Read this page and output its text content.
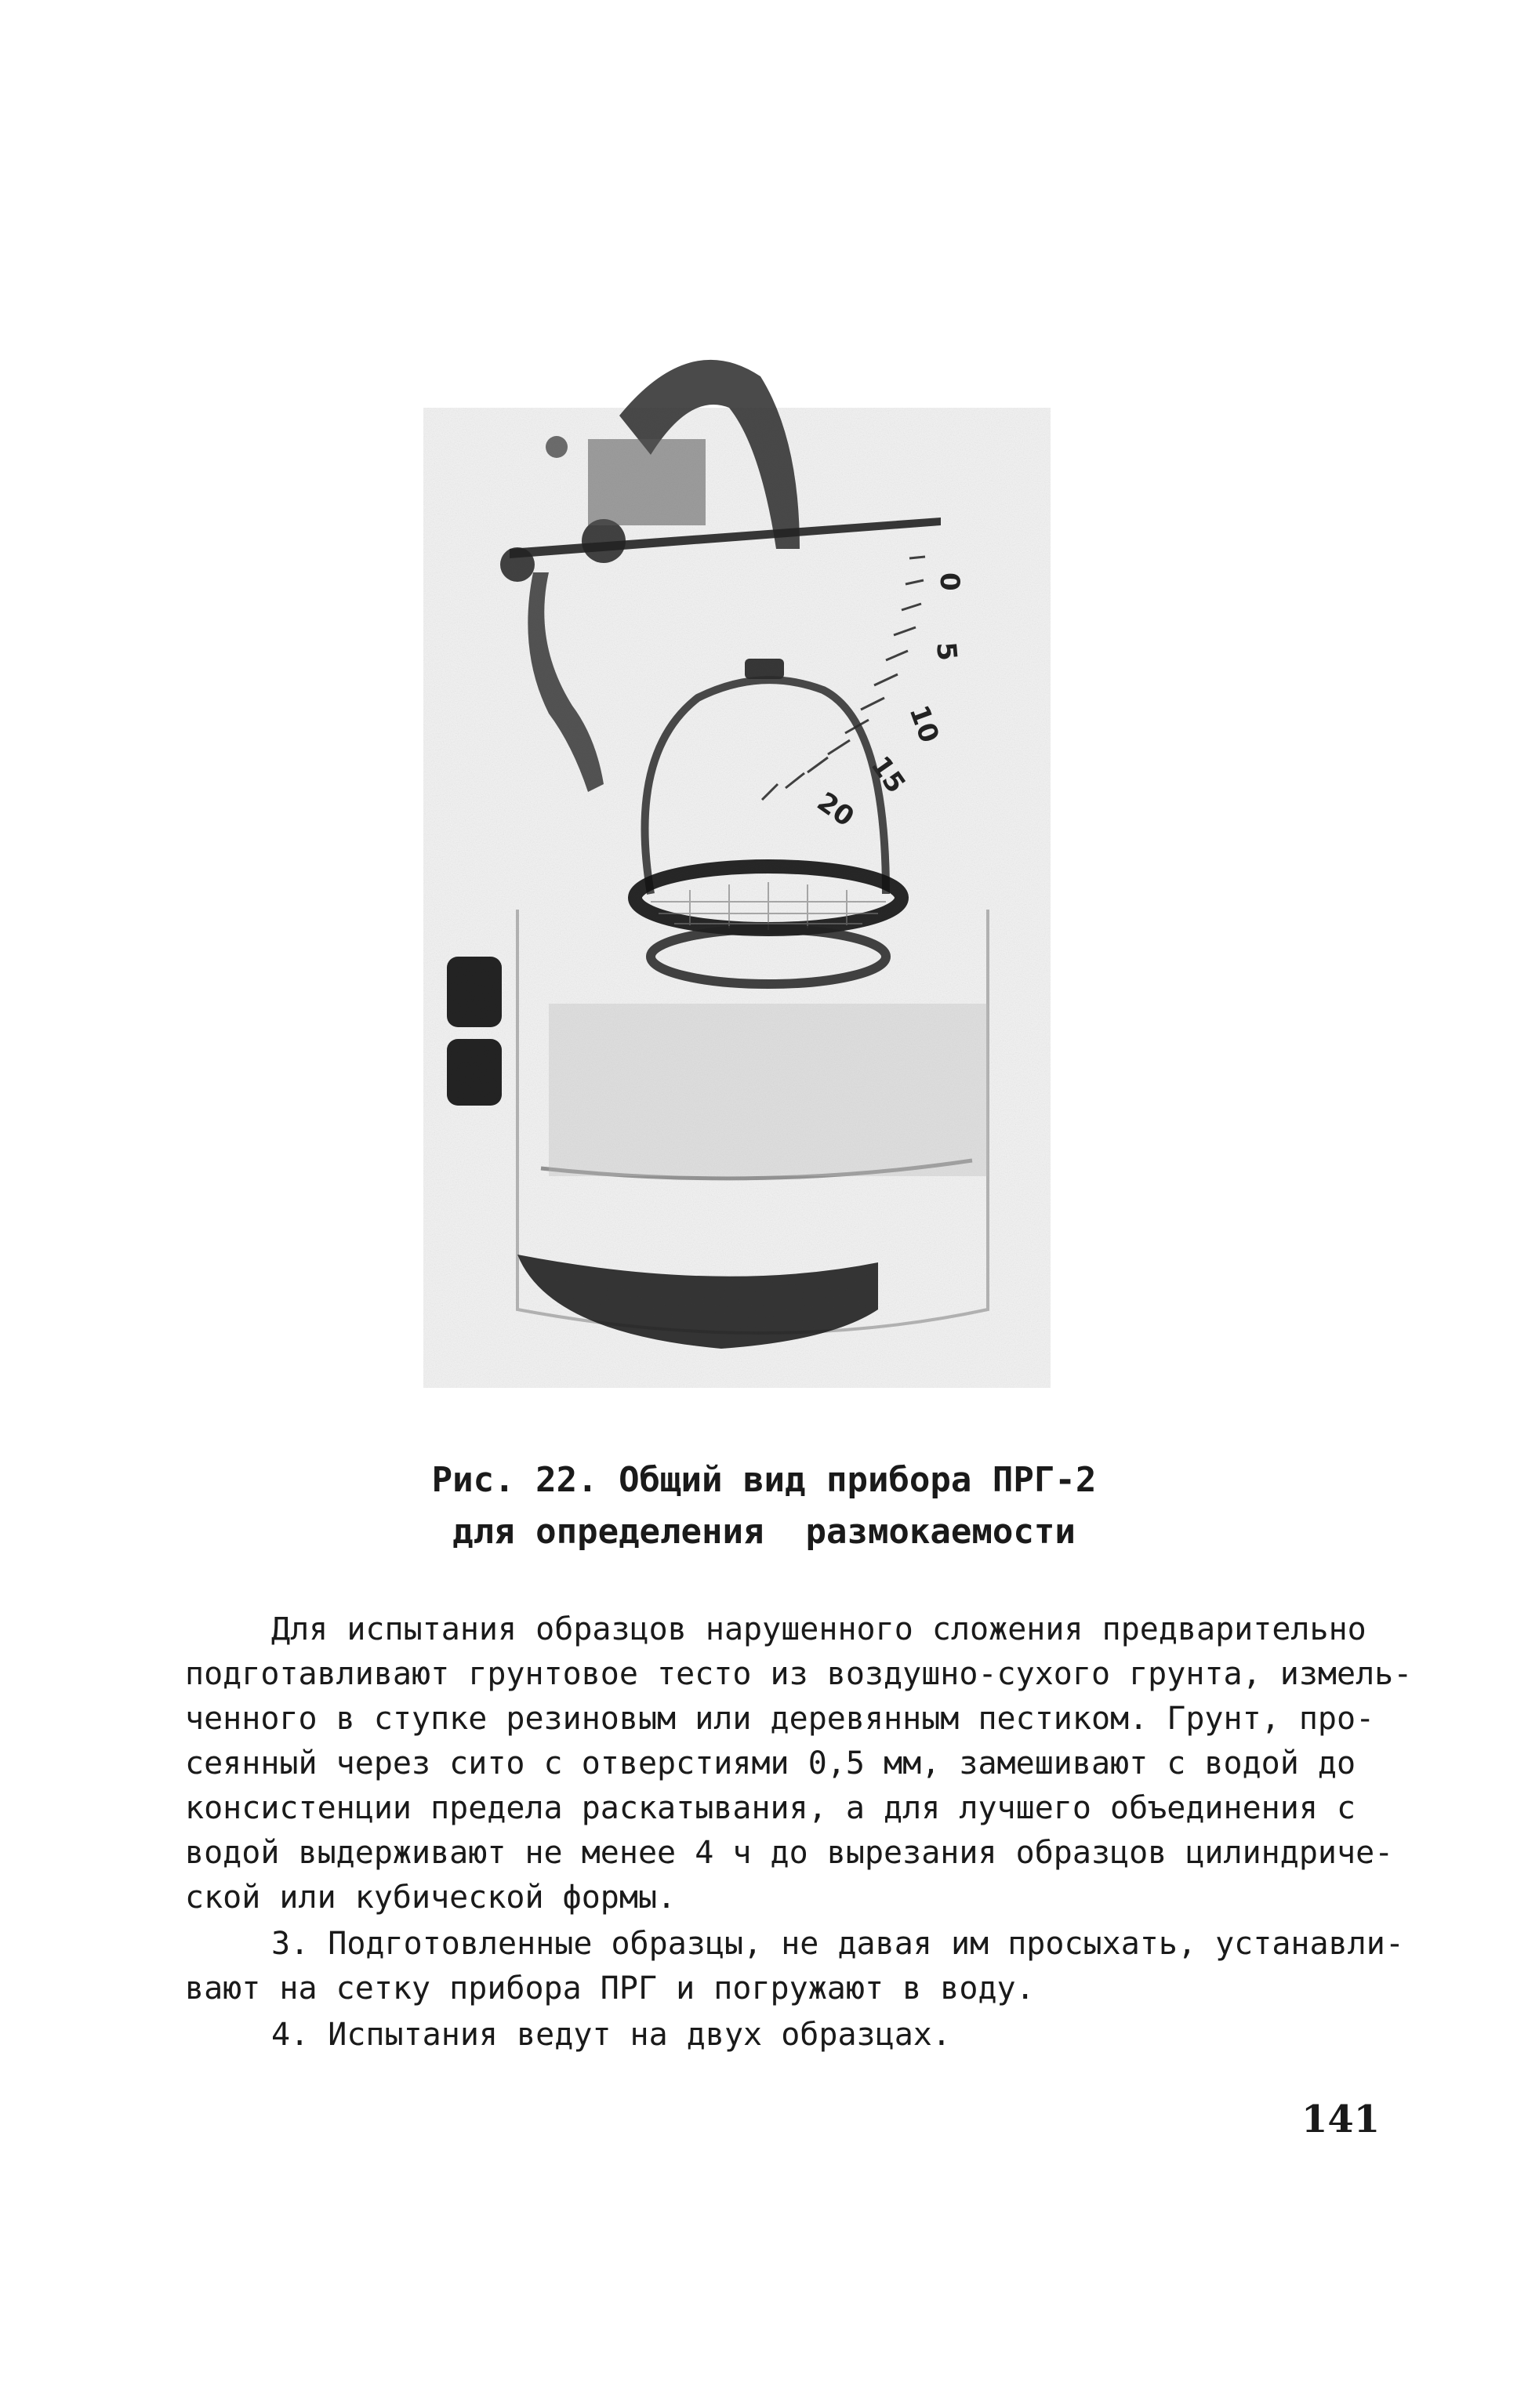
0
5
10
15
20
Рис. 22. Общий вид прибора ПРГ-2
для определения  размокаемости
Для испытания образцов нарушенного сложения предварительно
подготавливают грунтовое тесто из воздушно-сухого грунта, измель-
ченного в ступке резиновым или деревянным пестиком. Грунт, про-
сеянный через сито с отверстиями 0,5 мм, замешивают с водой до
консистенции предела раскатывания, а для лучшего объединения с
водой выдерживают не менее 4 ч до вырезания образцов цилиндриче-
ской или кубической формы.
3. Подготовленные образцы, не давая им просыхать, устанавли-
вают на сетку прибора ПРГ и погружают в воду.
4. Испытания ведут на двух образцах.
141
